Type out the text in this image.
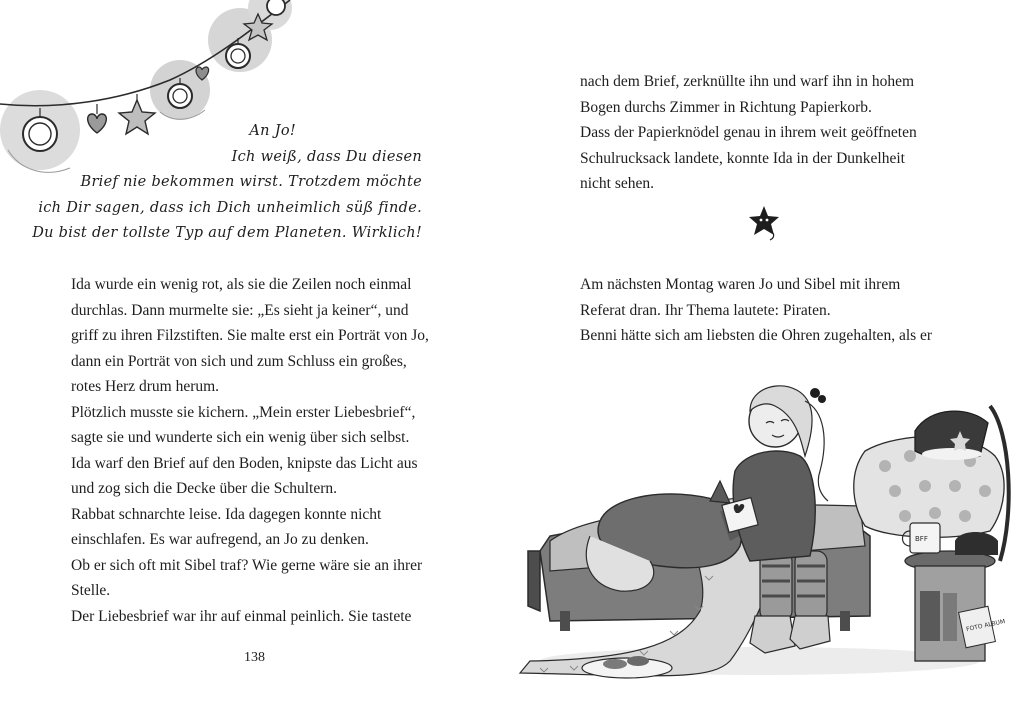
An Jo!

Ich weiß, dass Du diesen

Brief nie bekommen wirst. Trotzdem möchte

ich Dir sagen, dass ich Dich unheimlich süß finde.

Du bist der tollste Typ auf dem Planeten. Wirklich!

Ida wurde ein wenig rot, als sie die Zeilen noch einmal

durchlas. Dann murmelte sie: „Es sieht ja keiner“, und

griff zu ihren Filzstiften. Sie malte erst ein Porträt von Jo,

dann ein Porträt von sich und zum Schluss ein großes,

rotes Herz drum herum.

Plötzlich musste sie kichern. „Mein erster Liebesbrief“,

sagte sie und wunderte sich ein wenig über sich selbst.

Ida warf den Brief auf den Boden, knipste das Licht aus

und zog sich die Decke über die Schultern.

Rabbat schnarchte leise. Ida dagegen konnte nicht

einschlafen. Es war aufregend, an Jo zu denken.

Ob er sich oft mit Sibel traf? Wie gerne wäre sie an ihrer

Stelle.

Der Liebesbrief war ihr auf einmal peinlich. Sie tastete

138

nach dem Brief, zerknüllte ihn und warf ihn in hohem

Bogen durchs Zimmer in Richtung Papierkorb.

Dass der Papierknödel genau in ihrem weit geöffneten

Schulrucksack landete, konnte Ida in der Dunkelheit

nicht sehen.

Am nächsten Montag waren Jo und Sibel mit ihrem

Referat dran. Ihr Thema lautete: Piraten.

Benni hätte sich am liebsten die Ohren zugehalten, als er

FOTO ALBUM
BFF
